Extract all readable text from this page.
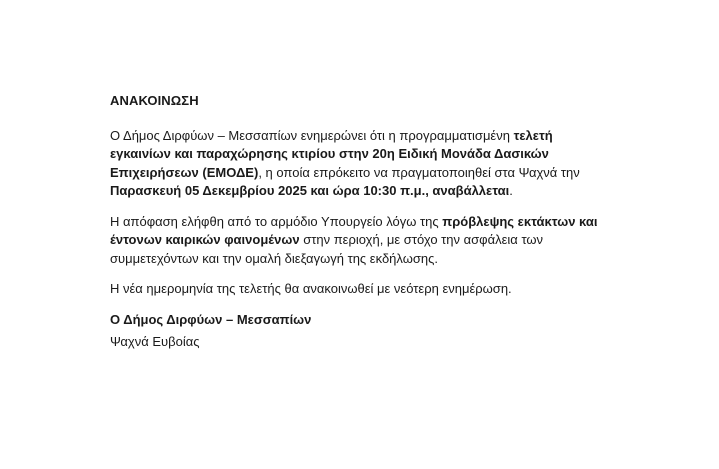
ΑΝΑΚΟΙΝΩΣΗ

Ο Δήμος Διρφύων – Μεσσαπίων ενημερώνει ότι η προγραμματισμένη τελετή εγκαινίων και παραχώρησης κτιρίου στην 20η Ειδική Μονάδα Δασικών Επιχειρήσεων (ΕΜΟΔΕ), η οποία επρόκειτο να πραγματοποιηθεί στα Ψαχνά την Παρασκευή 05 Δεκεμβρίου 2025 και ώρα 10:30 π.μ., αναβάλλεται.

Η απόφαση ελήφθη από το αρμόδιο Υπουργείο λόγω της πρόβλεψης εκτάκτων και έντονων καιρικών φαινομένων στην περιοχή, με στόχο την ασφάλεια των συμμετεχόντων και την ομαλή διεξαγωγή της εκδήλωσης.

Η νέα ημερομηνία της τελετής θα ανακοινωθεί με νεότερη ενημέρωση.

Ο Δήμος Διρφύων – Μεσσαπίων

Ψαχνά Ευβοίας
